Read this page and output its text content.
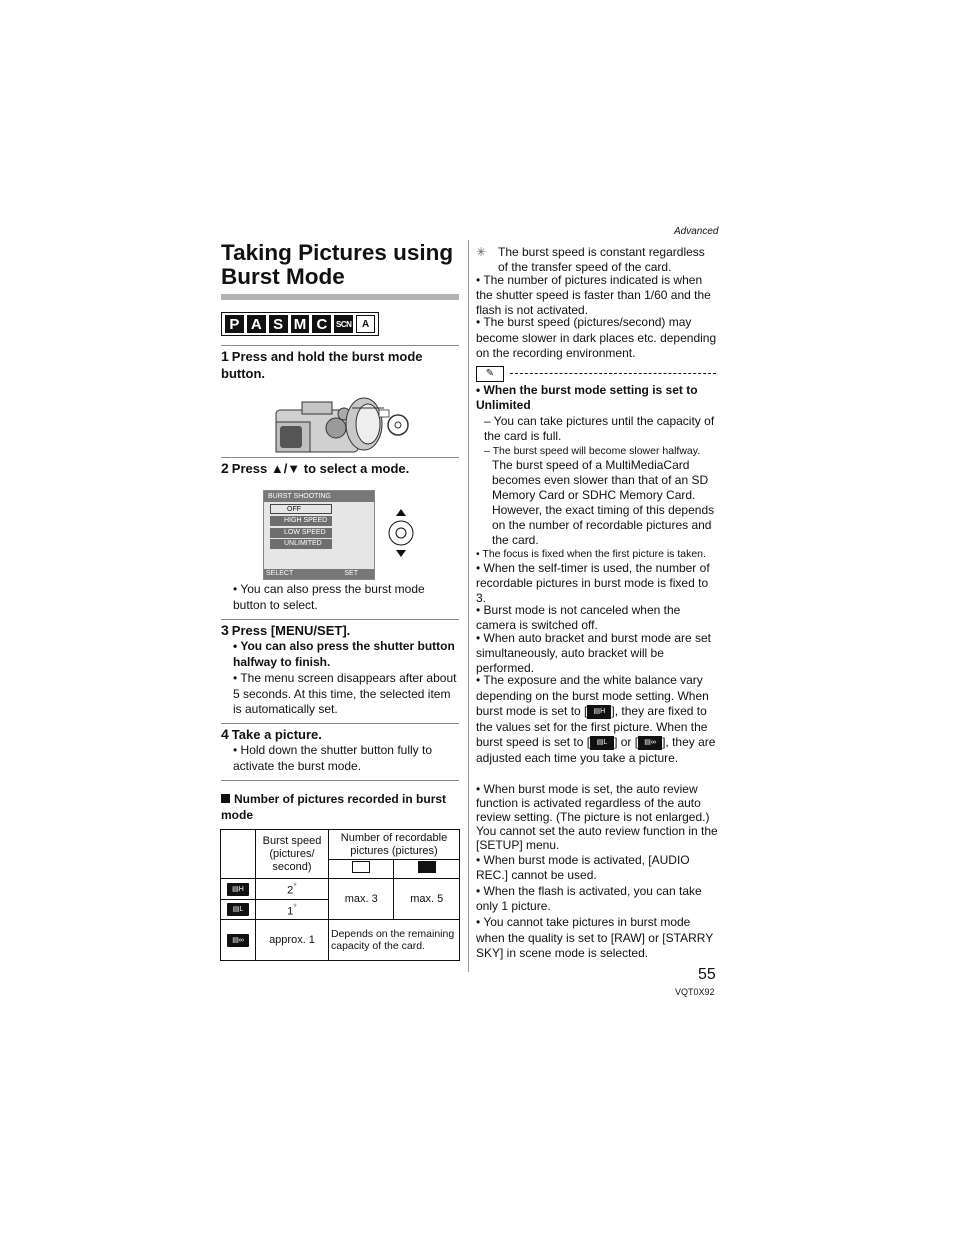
Advanced
Taking Pictures using Burst Mode
P A S M C	SCN	A
1 Press and hold the burst mode button.
2 Press ▲/▼ to select a mode.
BURST SHOOTING
OFF
HIGH SPEED
LOW SPEED
UNLIMITED
SELECT	SET
• You can also press the burst mode button to select.
3 Press [MENU/SET].
• You can also press the shutter button halfway to finish.
• The menu screen disappears after about 5 seconds. At this time, the selected item is automatically set.
4 Take a picture.
• Hold down the shutter button fully to activate the burst mode.
Number of pictures recorded in burst mode
	Burst speed (pictures/ second)	Number of recordable pictures (pictures)	

▤H	2*	max. 3	max. 5
▤L	1*
▤∞	approx. 1	Depends on the remaining capacity of the card.	
✳ The burst speed is constant regardless of the transfer speed of the card.
• The number of pictures indicated is when the shutter speed is faster than 1/60 and the flash is not activated.
• The burst speed (pictures/second) may become slower in dark places etc. depending on the recording environment.
✎
• When the burst mode setting is set to Unlimited
– You can take pictures until the capacity of the card is full.
– The burst speed will become slower halfway.
The burst speed of a MultiMediaCard becomes even slower than that of an SD Memory Card or SDHC Memory Card. However, the exact timing of this depends on the number of recordable pictures and the card.
• The focus is fixed when the first picture is taken.
• When the self-timer is used, the number of recordable pictures in burst mode is fixed to 3.
• Burst mode is not canceled when the camera is switched off.
• When auto bracket and burst mode are set simultaneously, auto bracket will be performed.
• The exposure and the white balance vary depending on the burst mode setting. When burst mode is set to [ ▤H ], they are fixed to the values set for the first picture. When the burst speed is set to [ ▤L ] or [ ▤∞ ], they are adjusted each time you take a picture.
• When burst mode is set, the auto review function is activated regardless of the auto review setting. (The picture is not enlarged.) You cannot set the auto review function in the [SETUP] menu.
• When burst mode is activated, [AUDIO REC.] cannot be used.
• When the flash is activated, you can take only 1 picture.
• You cannot take pictures in burst mode when the quality is set to [RAW] or [STARRY SKY] in scene mode is selected.
55
VQT0X92
